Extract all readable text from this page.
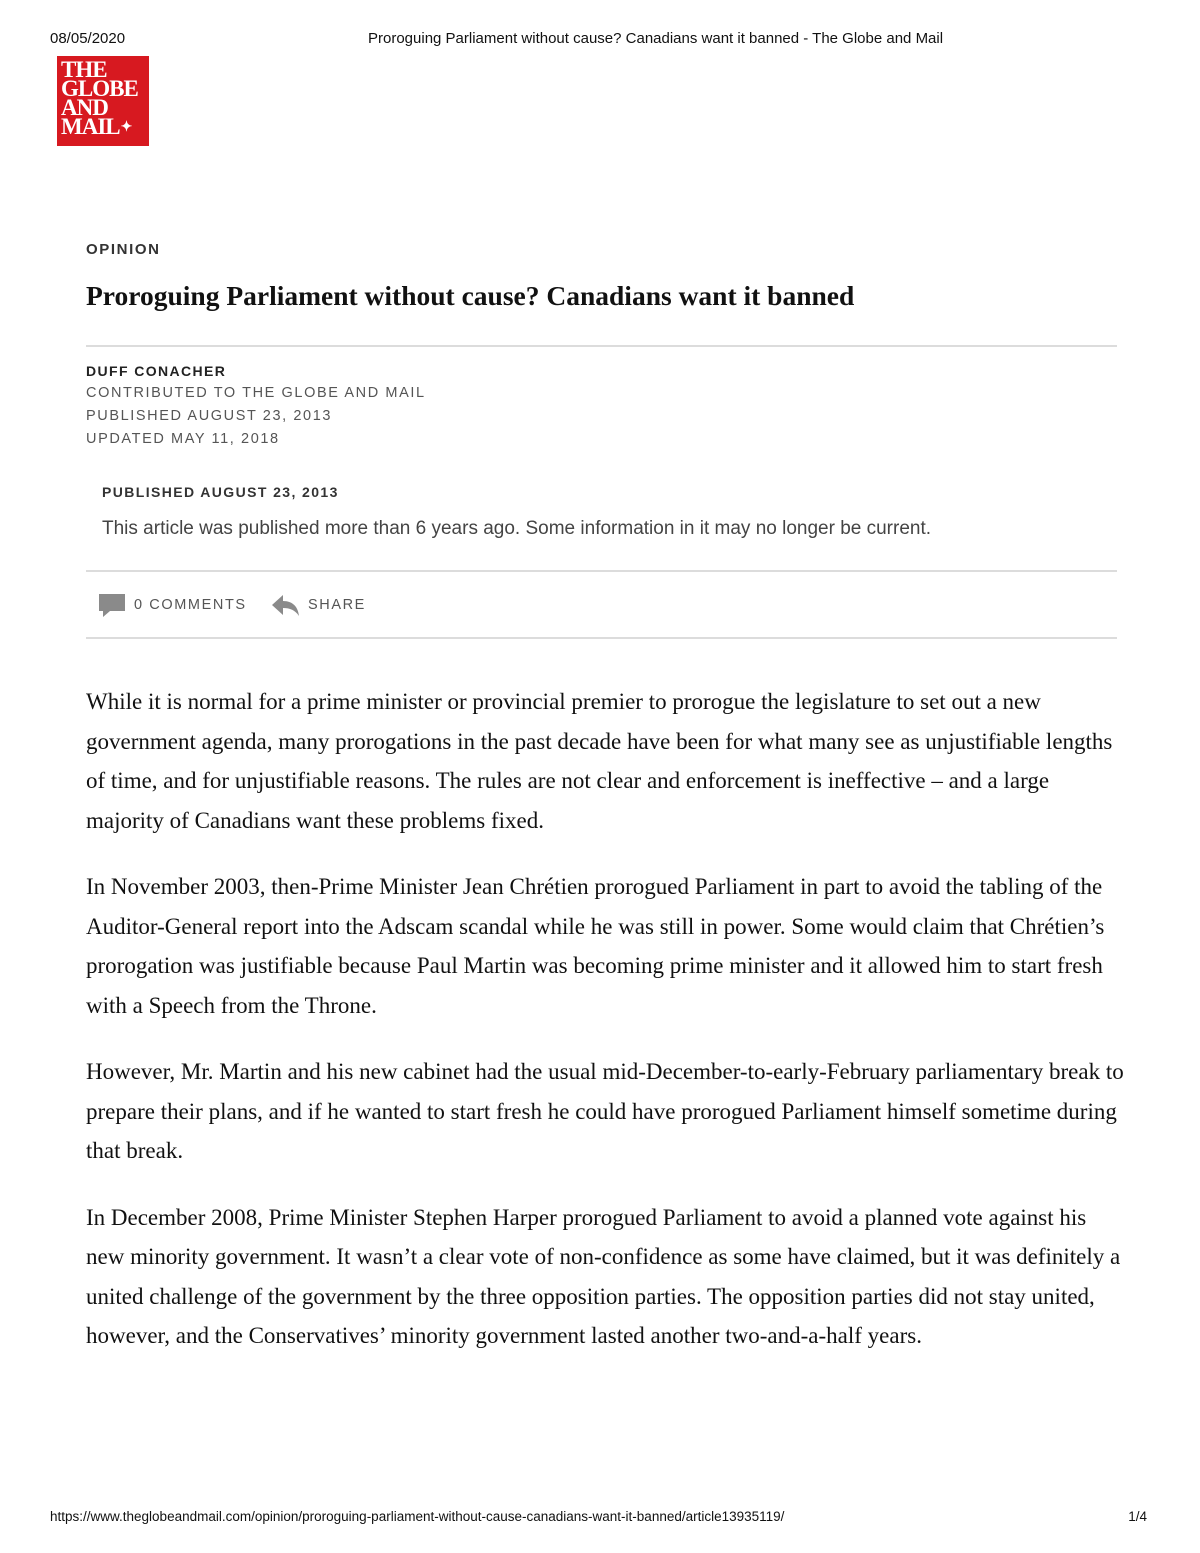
08/05/2020	Proroguing Parliament without cause? Canadians want it banned - The Globe and Mail
THE
GLOBE
AND
MAIL✦
OPINION
Proroguing Parliament without cause? Canadians want it banned
DUFF CONACHER
CONTRIBUTED TO THE GLOBE AND MAIL
PUBLISHED AUGUST 23, 2013
UPDATED MAY 11, 2018
PUBLISHED AUGUST 23, 2013
This article was published more than 6 years ago. Some information in it may no longer be current.
0 COMMENTS	SHARE

While it is normal for a prime minister or provincial premier to prorogue the legislature to set out a new government agenda, many prorogations in the past decade have been for what many see as unjustifiable lengths of time, and for unjustifiable reasons. The rules are not clear and enforcement is ineffective – and a large majority of Canadians want these problems fixed.

In November 2003, then-Prime Minister Jean Chrétien prorogued Parliament in part to avoid the tabling of the Auditor-General report into the Adscam scandal while he was still in power. Some would claim that Chrétien’s prorogation was justifiable because Paul Martin was becoming prime minister and it allowed him to start fresh with a Speech from the Throne.

However, Mr. Martin and his new cabinet had the usual mid-December-to-early-February parliamentary break to prepare their plans, and if he wanted to start fresh he could have prorogued Parliament himself sometime during that break.

In December 2008, Prime Minister Stephen Harper prorogued Parliament to avoid a planned vote against his new minority government. It wasn’t a clear vote of non-confidence as some have claimed, but it was definitely a united challenge of the government by the three opposition parties. The opposition parties did not stay united, however, and the Conservatives’ minority government lasted another two-and-a-half years.

https://www.theglobeandmail.com/opinion/proroguing-parliament-without-cause-canadians-want-it-banned/article13935119/	1/4
